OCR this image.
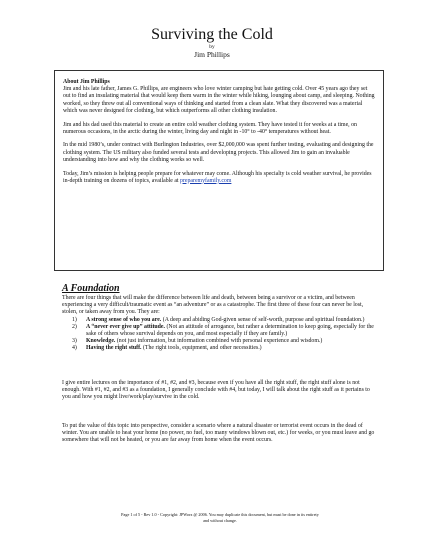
Surviving the Cold
by
Jim Phillips

About Jim Phillips
Jim and his late father, James G. Phillips, are engineers who love winter camping but hate getting cold. Over 45 years ago they set out to find an insulating material that would keep them warm in the winter while hiking, lounging about camp, and sleeping. Nothing worked, so they threw out all conventional ways of thinking and started from a clean slate. What they discovered was a material which was never designed for clothing, but which outperforms all other clothing insulation.

Jim and his dad used this material to create an entire cold weather clothing system. They have tested it for weeks at a time, on numerous occasions, in the arctic during the winter, living day and night in -10° to -40° temperatures without heat.

In the mid 1980’s, under contract with Burlington Industries, over $2,000,000 was spent further testing, evaluating and designing the clothing system. The US military also funded several tests and developing projects. This allowed Jim to gain an invaluable understanding into how and why the clothing works so well.

Today, Jim’s mission is helping people prepare for whatever may come. Although his specialty is cold weather survival, he provides in-depth training on dozens of topics, available at preparemyfamily.com

A Foundation

There are four things that will make the difference between life and death, between being a survivor or a victim, and between experiencing a very difficult/traumatic event as “an adventure” or as a catastrophe. The first three of these four can never be lost, stolen, or taken away from you. They are:

1) A strong sense of who you are. (A deep and abiding God-given sense of self-worth, purpose and spiritual foundation.)
2) A “never ever give up” attitude. (Not an attitude of arrogance, but rather a determination to keep going, especially for the sake of others whose survival depends on you, and most especially if they are family.)
3) Knowledge. (not just information, but information combined with personal experience and wisdom.)
4) Having the right stuff. (The right tools, equipment, and other necessities.)

I give entire lectures on the importance of #1, #2, and #3, because even if you have all the right stuff, the right stuff alone is not enough. With #1, #2, and #3 as a foundation, I generally conclude with #4, but today, I will talk about the right stuff as it pertains to you and how you might live/work/play/survive in the cold.

To put the value of this topic into perspective, consider a scenario where a natural disaster or terrorist event occurs in the dead of winter. You are unable to heat your home (no power, no fuel, too many windows blown out, etc.) for weeks, or you must leave and go somewhere that will not be heated, or you are far away from home when the event occurs.

Page 1 of 5 - Rev 1.0 - Copyright: JPWorx @ 2006. You may duplicate this document, but must be done in its entirety
and without change.
